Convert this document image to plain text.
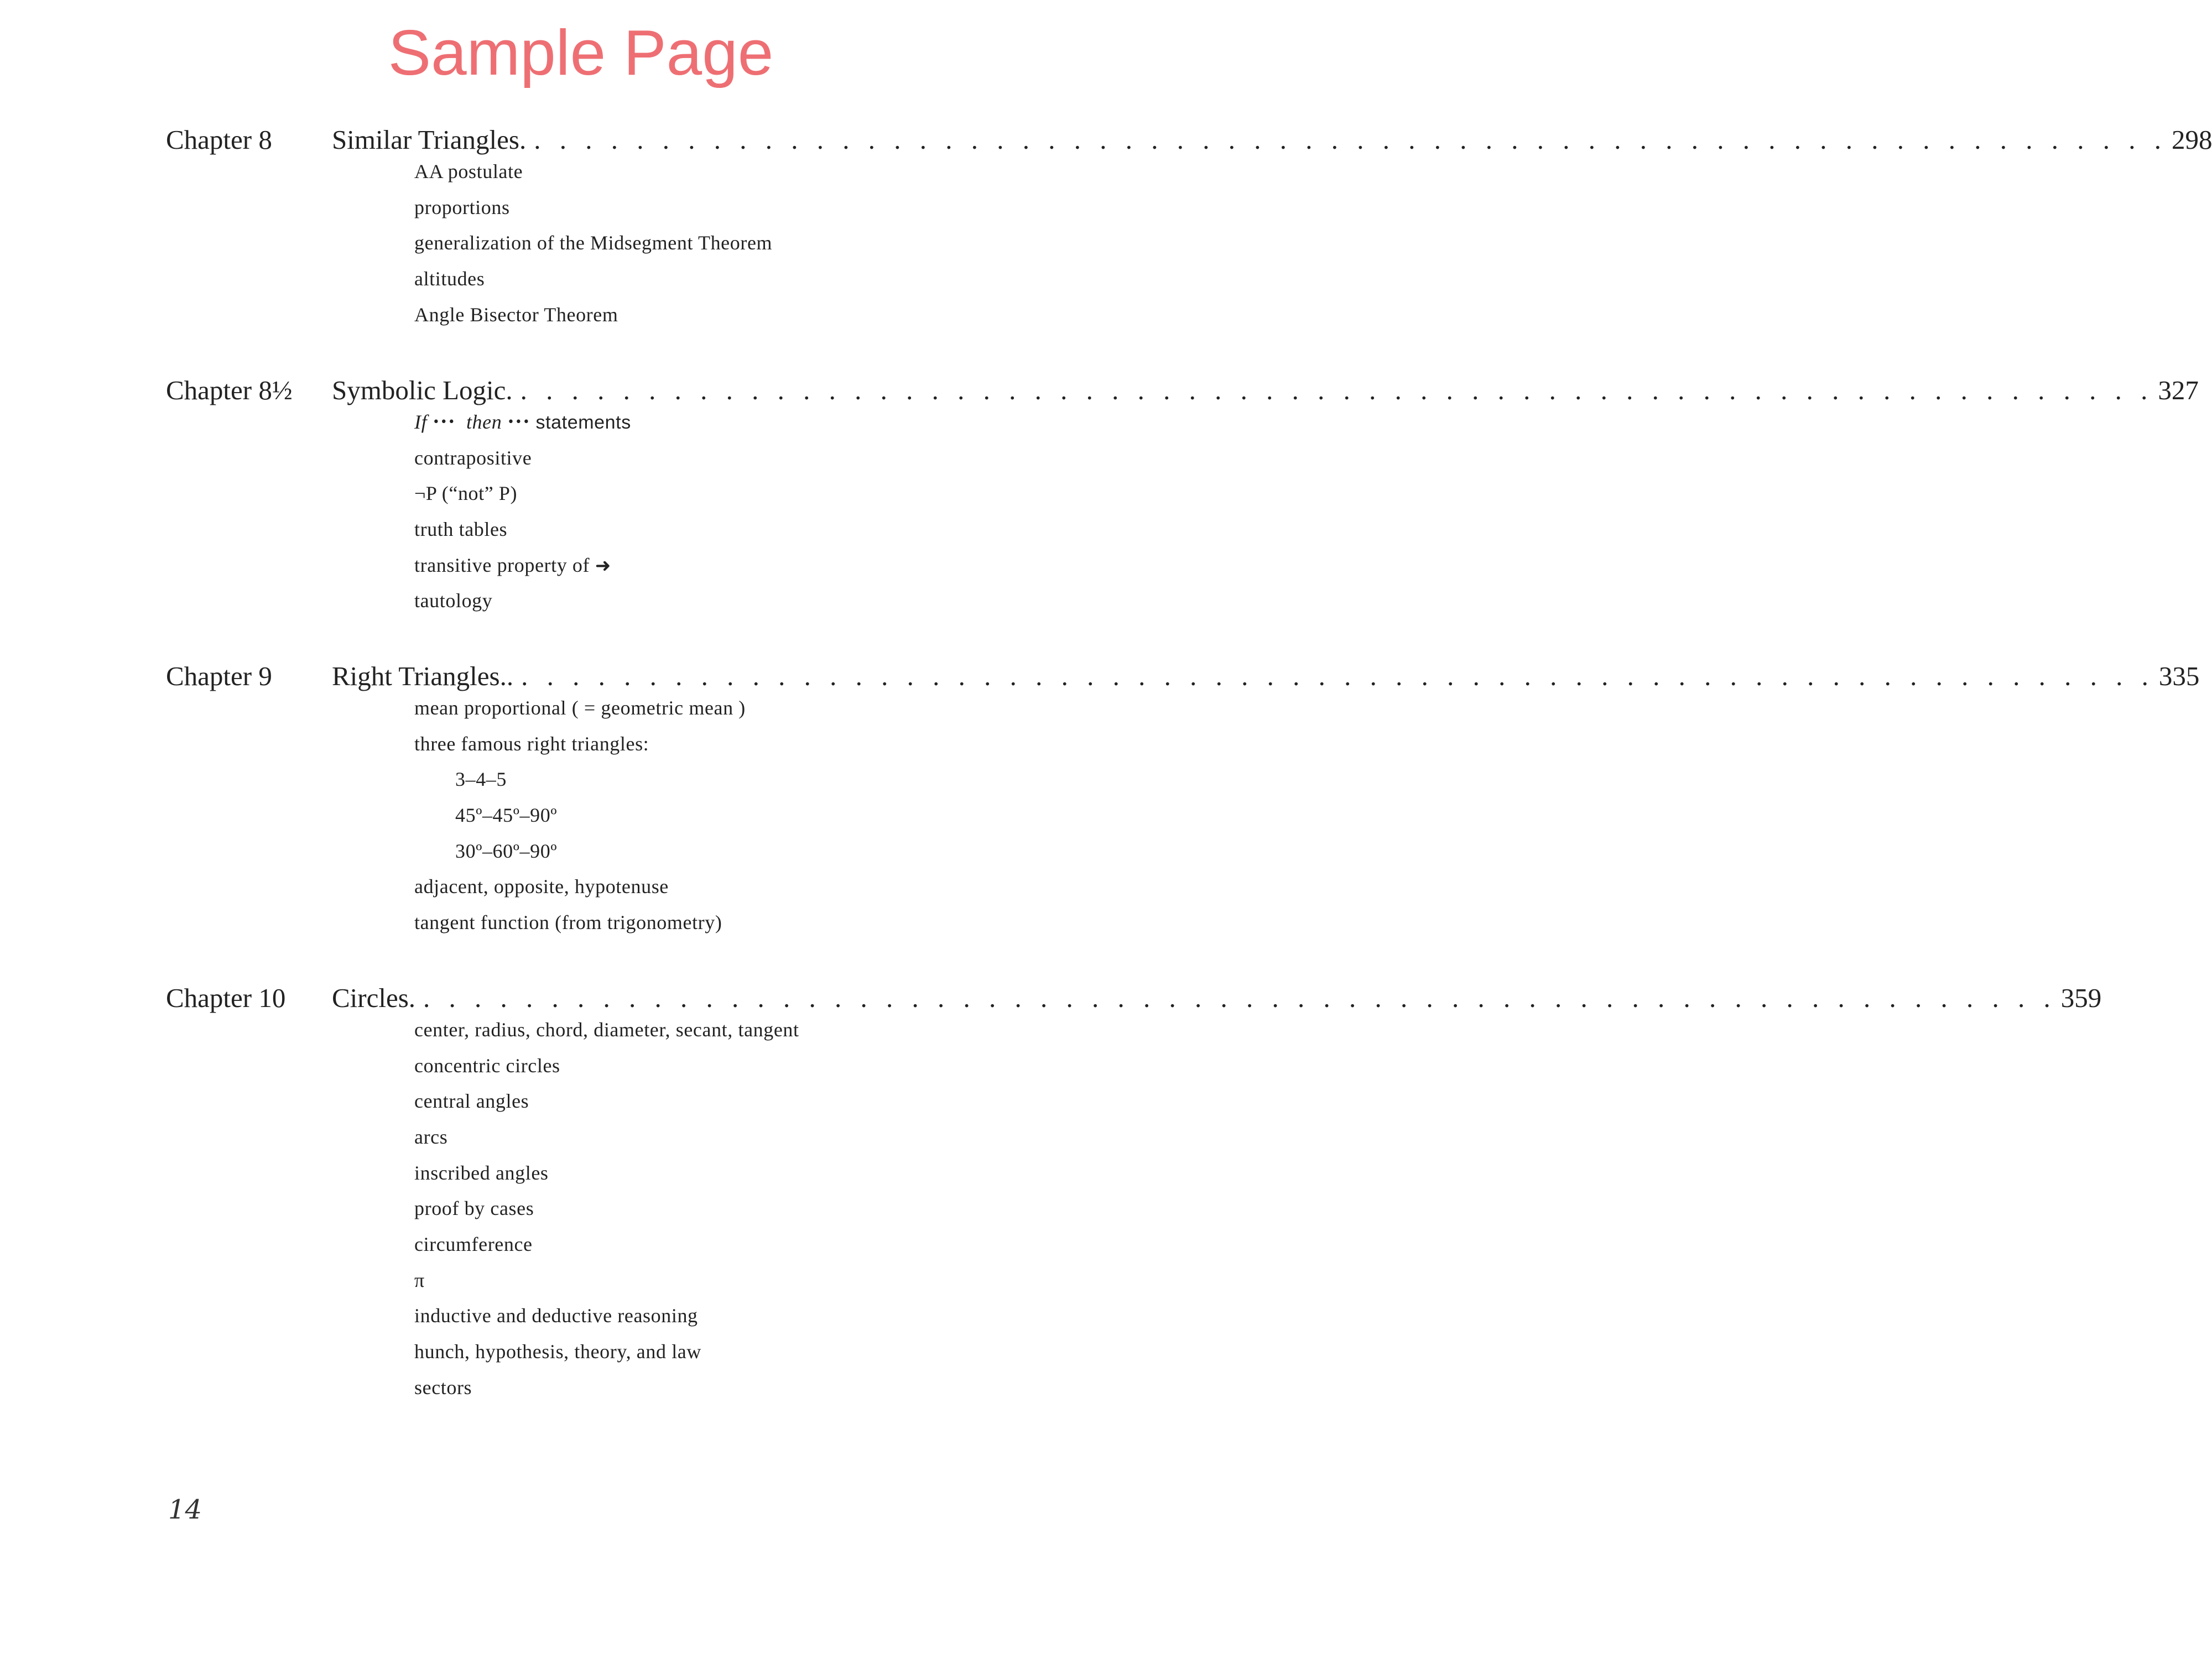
Sample Page
Chapter 8 Similar Triangles. . . . . . . . . . . . . . . . . . . . . . . . . . . . . . . . . . . . . . . . . . . . . . . . . . . . . . . . . . . . . . . . . 298
AA postulate
proportions
generalization of the Midsegment Theorem
altitudes
Angle Bisector Theorem
Chapter 8½ Symbolic Logic. . . . . . . . . . . . . . . . . . . . . . . . . . . . . . . . . . . . . . . . . . . . . . . . . . . . . . . . . . . . . . . . . 327
If ••• then ••• statements
contrapositive
¬P (“not” P)
truth tables
transitive property of ➜
tautology
Chapter 9 Right Triangles.. . . . . . . . . . . . . . . . . . . . . . . . . . . . . . . . . . . . . . . . . . . . . . . . . . . . . . . . . . . . . . . . . 335
mean proportional ( = geometric mean )
three famous right triangles:
3–4–5
45º–45º–90º
30º–60º–90º
adjacent, opposite, hypotenuse
tangent function (from trigonometry)
Chapter 10 Circles. . . . . . . . . . . . . . . . . . . . . . . . . . . . . . . . . . . . . . . . . . . . . . . . . . . . . . . . . . . . . . . . . 359
center, radius, chord, diameter, secant, tangent
concentric circles
central angles
arcs
inscribed angles
proof by cases
circumference
π
inductive and deductive reasoning
hunch, hypothesis, theory, and law
sectors
14
